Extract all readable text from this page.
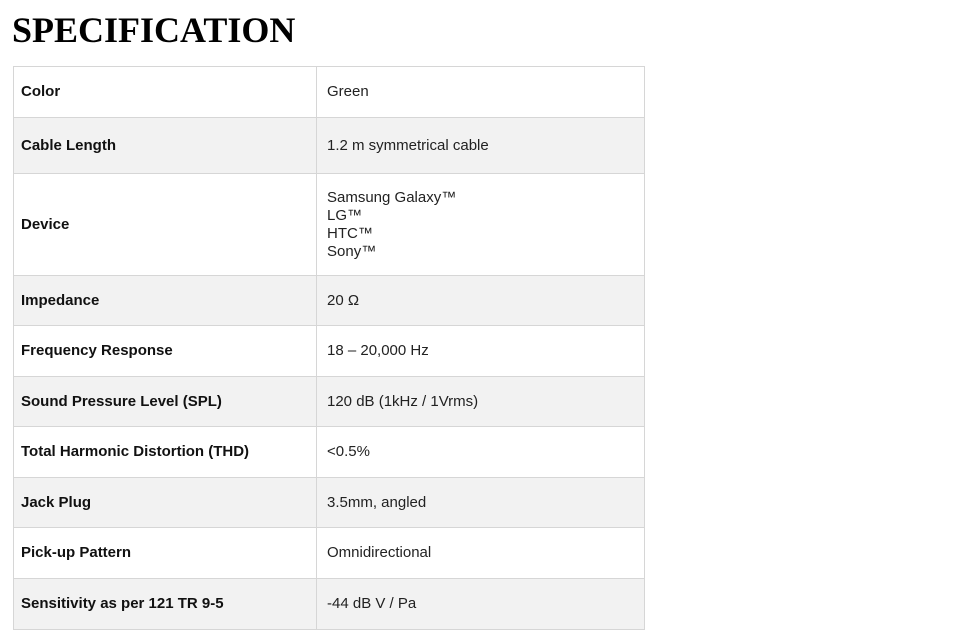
SPECIFICATION
Color	Green
Cable Length	1.2 m symmetrical cable
Device	Samsung Galaxy™
LG™
HTC™
Sony™

Impedance	20 Ω
Frequency Response	18 – 20,000 Hz
Sound Pressure Level (SPL)	120 dB (1kHz / 1Vrms)
Total Harmonic Distortion (THD)	<0.5%
Jack Plug	3.5mm, angled
Pick-up Pattern	Omnidirectional
Sensitivity as per 121 TR 9-5	-44 dB V / Pa
